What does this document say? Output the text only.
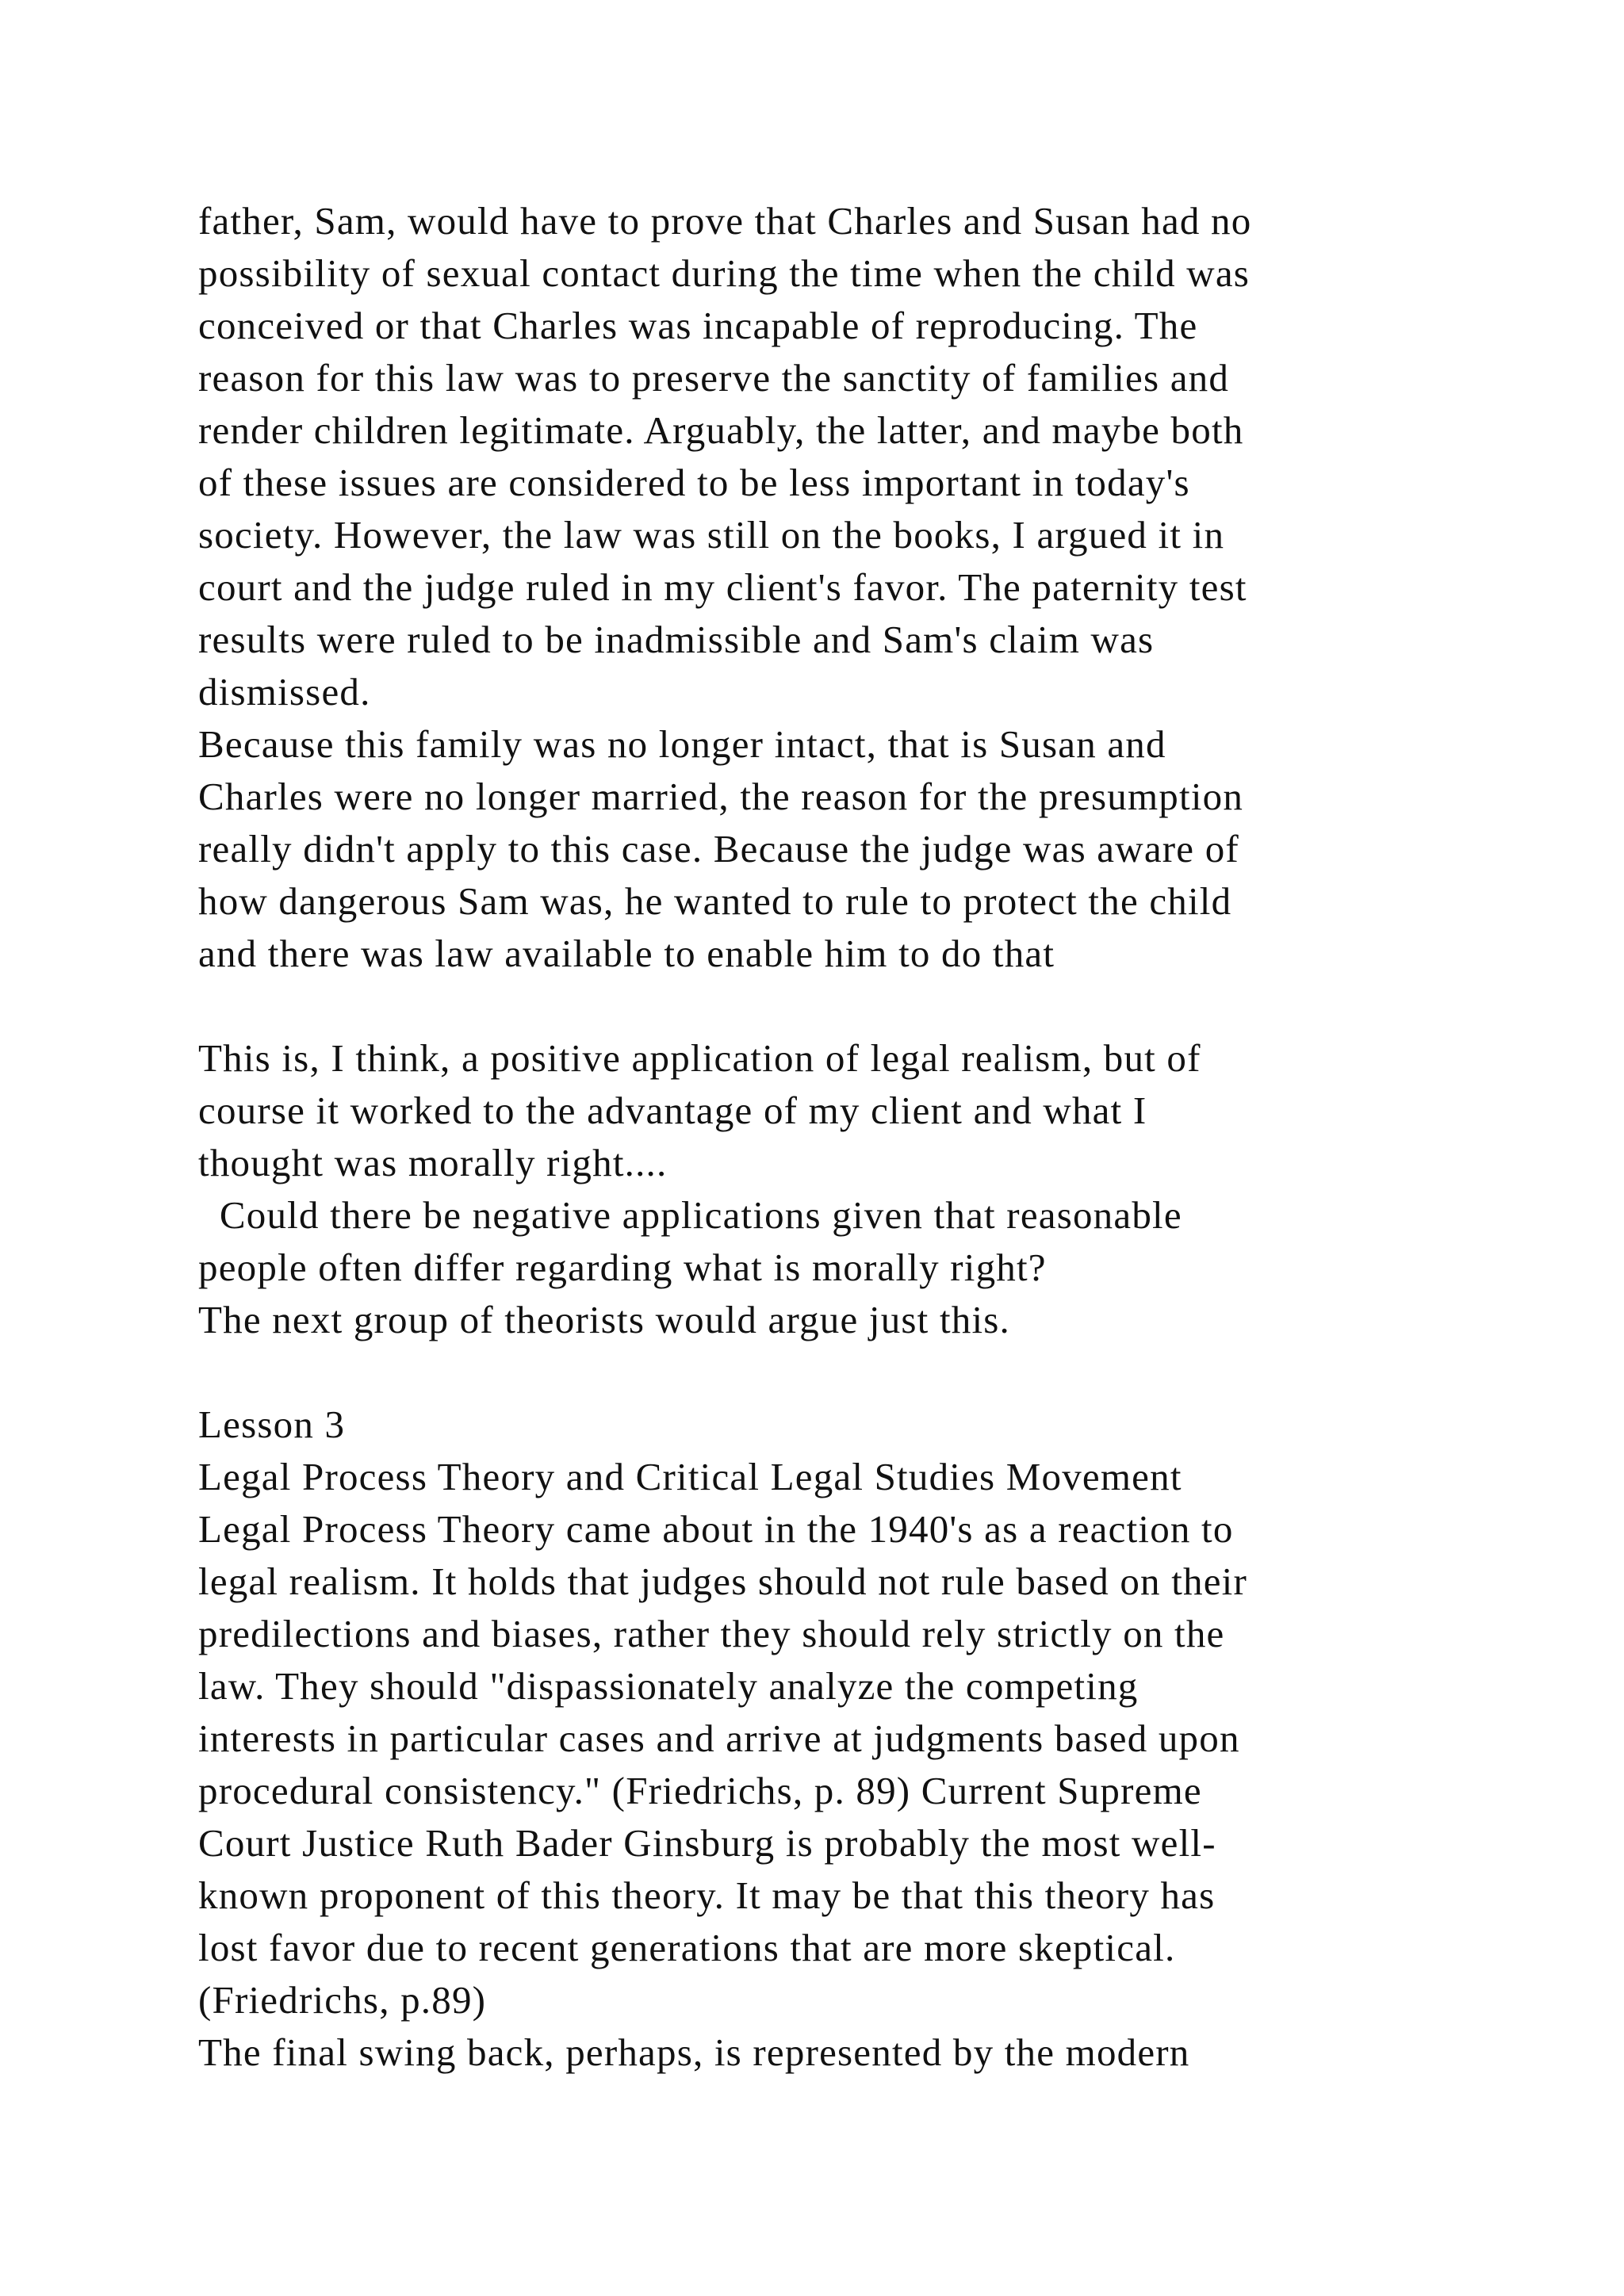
father, Sam, would have to prove that Charles and Susan had no
possibility of sexual contact during the time when the child was
conceived or that Charles was incapable of reproducing. The
reason for this law was to preserve the sanctity of families and
render children legitimate. Arguably, the latter, and maybe both
of these issues are considered to be less important in today's
society. However, the law was still on the books, I argued it in
court and the judge ruled in my client's favor. The paternity test
results were ruled to be inadmissible and Sam's claim was
dismissed.
Because this family was no longer intact, that is Susan and
Charles were no longer married, the reason for the presumption
really didn't apply to this case. Because the judge was aware of
how dangerous Sam was, he wanted to rule to protect the child
and there was law available to enable him to do that
This is, I think, a positive application of legal realism, but of
course it worked to the advantage of my client and what I
thought was morally right....
Could there be negative applications given that reasonable
people often differ regarding what is morally right?
The next group of theorists would argue just this.
Lesson 3
Legal Process Theory and Critical Legal Studies Movement
Legal Process Theory came about in the 1940's as a reaction to
legal realism. It holds that judges should not rule based on their
predilections and biases, rather they should rely strictly on the
law. They should "dispassionately analyze the competing
interests in particular cases and arrive at judgments based upon
procedural consistency." (Friedrichs, p. 89) Current Supreme
Court Justice Ruth Bader Ginsburg is probably the most well-
known proponent of this theory. It may be that this theory has
lost favor due to recent generations that are more skeptical.
(Friedrichs, p.89)
The final swing back, perhaps, is represented by the modern
